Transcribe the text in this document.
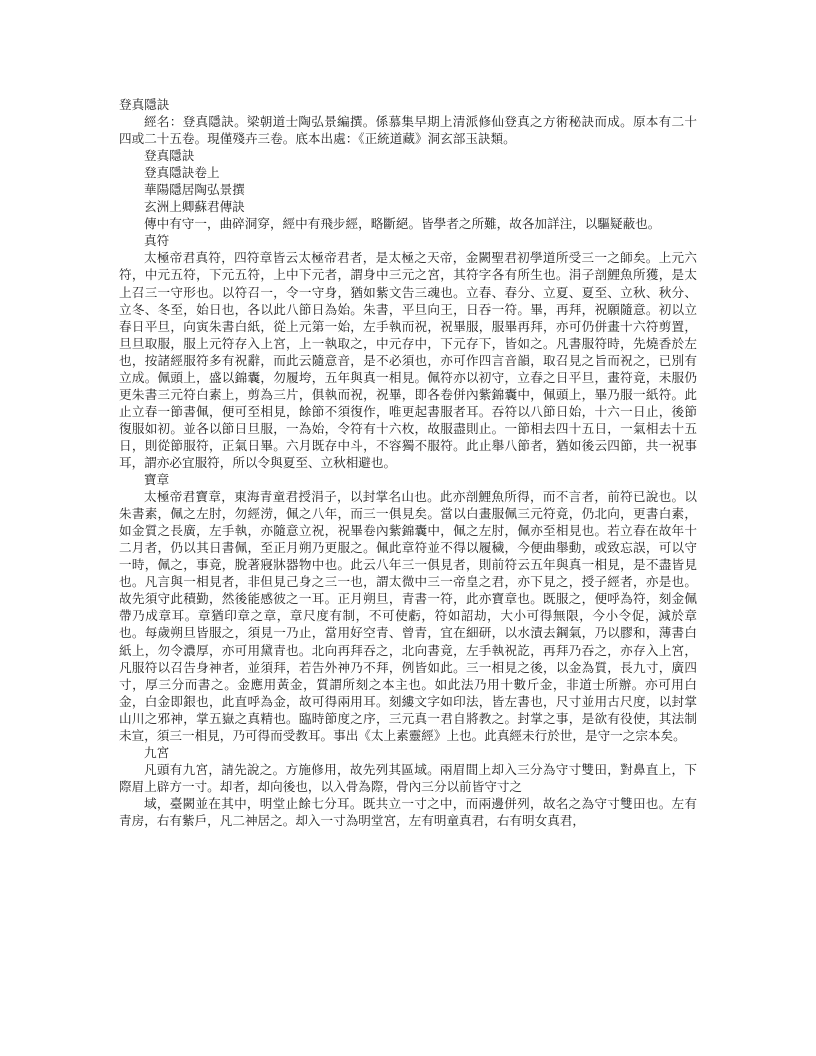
登真隱訣
經名：登真隱訣。梁朝道士陶弘景編撰。係慕集早期上清派修仙登真之方術秘訣而成。原本有二十四或二十五卷。現僅殘卉三卷。底本出處：《正統道藏》洞玄部玉訣類。
登真隱訣
登真隱訣卷上
華陽隱居陶弘景撰
玄洲上卿蘇君傳訣
傳中有守一，曲碎洞穿，經中有飛步經，略斷絕。皆學者之所難，故各加詳注，以驅疑蔽也。
真符
太極帝君真符，四符章皆云太極帝君者，是太極之天帝，金闕聖君初學道所受三一之師矣。上元六符，中元五符，下元五符，上中下元者，謂身中三元之宮，其符字各有所生也。涓子剖鯉魚所獲，是太上召三一守形也。以符召一，令一守身，猶如紫文告三魂也。立春、春分、立夏、夏至、立秋、秋分、立冬、冬至，始日也，各以此八節日為始。朱書，平旦向王，日吞一符。畢，再拜，祝願隨意。初以立春日平旦，向寅朱書白紙，從上元第一始，左手執而祝，祝畢服，服畢再拜，亦可仍併畫十六符剪置，旦旦取服，服上元符存入上宮，上一執取之，中元存中，下元存下，皆如之。凡書服符時，先燒香於左也，按諸經服符多有祝辭，而此云隨意音，是不必須也，亦可作四言音韻，取召見之旨而祝之，已別有立成。佩頭上，盛以錦囊，勿履垮，五年與真一相見。佩符亦以初守，立春之日平旦，畫符竟，未服仍更朱書三元符白素上，剪為三片，俱執而祝，祝畢，即各卷併內紫錦囊中，佩頭上，畢乃服一紙符。此止立春一節書佩，便可至相見，餘節不須復作，唯更起書服者耳。吞符以八節日始，十六一日止，後節復服如初。並各以節日旦服，一為始，令符有十六枚，故服盡則止。一節相去四十五日，一氣相去十五日，則從節服符，正氣日畢。六月既存中斗，不容獨不服符。此止舉八節者，猶如後云四節，共一祝事耳，謂亦必宜服符，所以令與夏至、立秋相避也。
寶章
太極帝君寶章，東海青童君授涓子，以封掌名山也。此亦剖鯉魚所得，而不言者，前符已說也。以朱書素，佩之左肘，勿經涝，佩之八年，而三一俱見矣。當以白畫服佩三元符竟，仍北向，更書白素，如金質之長廣，左手執，亦隨意立祝，祝畢卷內紫錦囊中，佩之左肘，佩亦至相見也。若立春在故年十二月者，仍以其日書佩，至正月朔乃更服之。佩此章符並不得以履穢，今便曲舉動，或致忘誤，可以守一時，佩之，事竟，脫著寢牀器物中也。此云八年三一俱見者，則前符云五年與真一相見，是不盡皆見也。凡言與一相見者，非但見己身之三一也，謂太微中三一帝皇之君，亦下見之，授子經者，亦是也。故先須守此積勤，然後能感彼之一耳。正月朔旦，青書一符，此亦寶章也。既服之，便呼為符，刻金佩帶乃成章耳。章猶印章之章，章尺度有制，不可使虧，符如詔劫，大小可得無限，今小令促，減於章也。每歲朔旦皆服之，須見一乃止，當用好空青、曾青，宜在細研，以水漬去鋼氣，乃以膠和，薄書白紙上，勿令濃厚，亦可用黛青也。北向再拜吞之，北向書竟，左手執祝訖，再拜乃吞之，亦存入上宮，凡服符以召告身神者，並須拜，若告外神乃不拜，例皆如此。三一相見之後，以金為質，長九寸，廣四寸，厚三分而書之。金應用黃金，質謂所刻之本主也。如此法乃用十數斤金，非道士所辦。亦可用白金，白金即銀也，此直呼為金，故可得兩用耳。刻縷文字如印法，皆左書也，尺寸並用古尺度，以封掌山川之邪神，掌五嶽之真精也。臨時節度之序，三元真一君自將教之。封掌之事，是欲有役使，其法制未宣，須三一相見，乃可得而受教耳。事出《太上素靈經》上也。此真經未行於世，是守一之宗本矣。
九宮
凡頭有九宮，請先說之。方施修用，故先列其區域。兩眉間上却入三分為守寸雙田，對鼻直上，下際眉上辟方一寸。却者，却向後也，以入骨為際，骨內三分以前皆守寸之
域，臺闕並在其中，明堂止餘七分耳。既共立一寸之中，而兩邊併列，故名之為守寸雙田也。左有青房，右有紫戶，凡二神居之。却入一寸為明堂宮，左有明童真君，右有明女真君，
